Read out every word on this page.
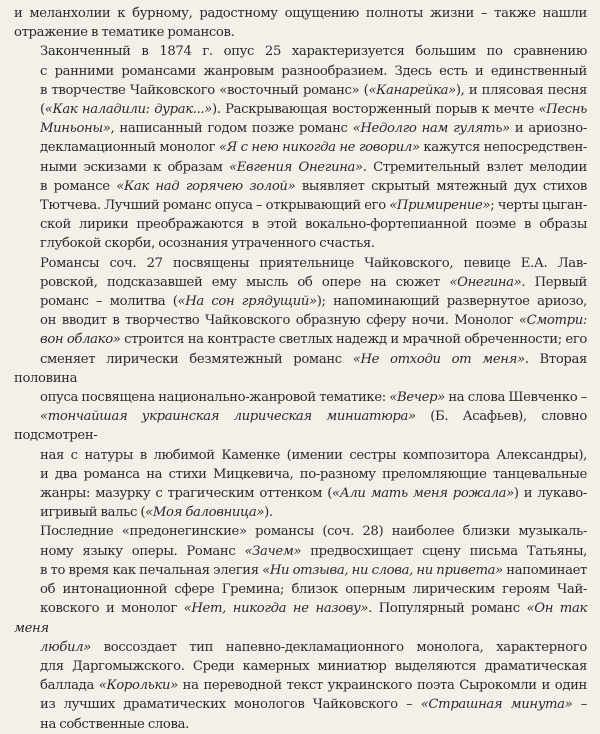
и меланхолии к бурному, радостному ощущению полноты жизни – также нашли
отражение в тематике романсов.
Законченный в 1874 г. опус 25 характеризуется большим по сравнению
с ранними романсами жанровым разнообразием. Здесь есть и единственный
в творчестве Чайковского «восточный романс» («Канарейка»), и плясовая песня
(«Как наладили: дурак...»). Раскрывающая восторженный порыв к мечте «Песнь
Миньоны», написанный годом позже романс «Недолго нам гулять» и ариозно-
декламационный монолог «Я с нею никогда не говорил» кажутся непосредствен-
ными эскизами к образам «Евгения Онегина». Стремительный взлет мелодии
в романсе «Как над горячею золой» выявляет скрытый мятежный дух стихов
Тютчева. Лучший романс опуса – открывающий его «Примирение»; черты цыган-
ской лирики преображаются в этой вокально-фортепианной поэме в образы
глубокой скорби, осознания утраченного счастья.
Романсы соч. 27 посвящены приятельнице Чайковского, певице Е.А. Лав-
ровской, подсказавшей ему мысль об опере на сюжет «Онегина». Первый
романс – молитва («На сон грядущий»); напоминающий развернутое ариозо,
он вводит в творчество Чайковского образную сферу ночи. Монолог «Смотри:
вон облако» строится на контрасте светлых надежд и мрачной обреченности; его
сменяет лирически безмятежный романс «Не отходи от меня». Вторая половина
опуса посвящена национально-жанровой тематике: «Вечер» на слова Шевченко –
«тончайшая украинская лирическая миниатюра» (Б. Асафьев), словно подсмотрен-
ная с натуры в любимой Каменке (имении сестры композитора Александры),
и два романса на стихи Мицкевича, по-разному преломляющие танцевальные
жанры: мазурку с трагическим оттенком («Али мать меня рожала») и лукаво-
игривый вальс («Моя баловница»).
Последние «предонегинские» романсы (соч. 28) наиболее близки музыкаль-
ному языку оперы. Романс «Зачем» предвосхищает сцену письма Татьяны,
в то время как печальная элегия «Ни отзыва, ни слова, ни привета» напоминает
об интонационной сфере Гремина; близок оперным лирическим героям Чай-
ковского и монолог «Нет, никогда не назову». Популярный романс «Он так меня
любил» воссоздает тип напевно-декламационного монолога, характерного
для Даргомыжского. Среди камерных миниатюр выделяются драматическая
баллада «Корольки» на переводной текст украинского поэта Сырокомли и один
из лучших драматических монологов Чайковского – «Страшная минута» –
на собственные слова.
